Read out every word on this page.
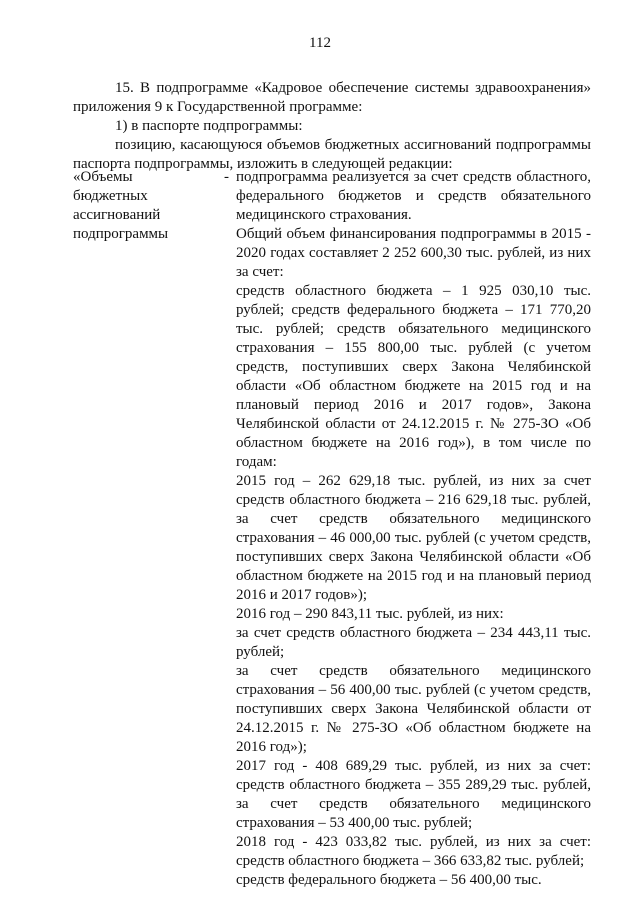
112

15. В подпрограмме «Кадровое обеспечение системы здравоохранения» приложения 9 к Государственной программе:

1) в паспорте подпрограммы:

позицию, касающуюся объемов бюджетных ассигнований подпрограммы паспорта подпрограммы, изложить в следующей редакции:

«Объемы
бюджетных
ассигнований
подпрограммы
- подпрограмма реализуется за счет средств областного, федерального бюджетов и средств обязательного медицинского страхования.

Общий объем финансирования подпрограммы в 2015 - 2020 годах составляет 2 252 600,30 тыс. рублей, из них за счет:

средств областного бюджета – 1 925 030,10 тыс. рублей; средств федерального бюджета – 171 770,20 тыс. рублей; средств обязательного медицинского страхования – 155 800,00 тыс. рублей (с учетом средств, поступивших сверх Закона Челябинской области «Об областном бюджете на 2015 год и на плановый период 2016 и 2017 годов», Закона Челябинской области от 24.12.2015 г. № 275-ЗО «Об областном бюджете на 2016 год»), в том числе по годам:

2015 год – 262 629,18 тыс. рублей, из них за счет средств областного бюджета – 216 629,18 тыс. рублей, за счет средств обязательного медицинского страхования – 46 000,00 тыс. рублей (с учетом средств, поступивших сверх Закона Челябинской области «Об областном бюджете на 2015 год и на плановый период 2016 и 2017 годов»);

2016 год – 290 843,11 тыс. рублей, из них:

за счет средств областного бюджета – 234 443,11 тыс. рублей;

за счет средств обязательного медицинского страхования – 56 400,00 тыс. рублей (с учетом средств, поступивших сверх Закона Челябинской области от 24.12.2015 г. № 275-ЗО «Об областном бюджете на 2016 год»);

2017 год - 408 689,29 тыс. рублей, из них за счет: средств областного бюджета – 355 289,29 тыс. рублей, за счет средств обязательного медицинского страхования – 53 400,00 тыс. рублей;

2018 год - 423 033,82 тыс. рублей, из них за счет: средств областного бюджета – 366 633,82 тыс. рублей;

средств федерального бюджета – 56 400,00 тыс.
